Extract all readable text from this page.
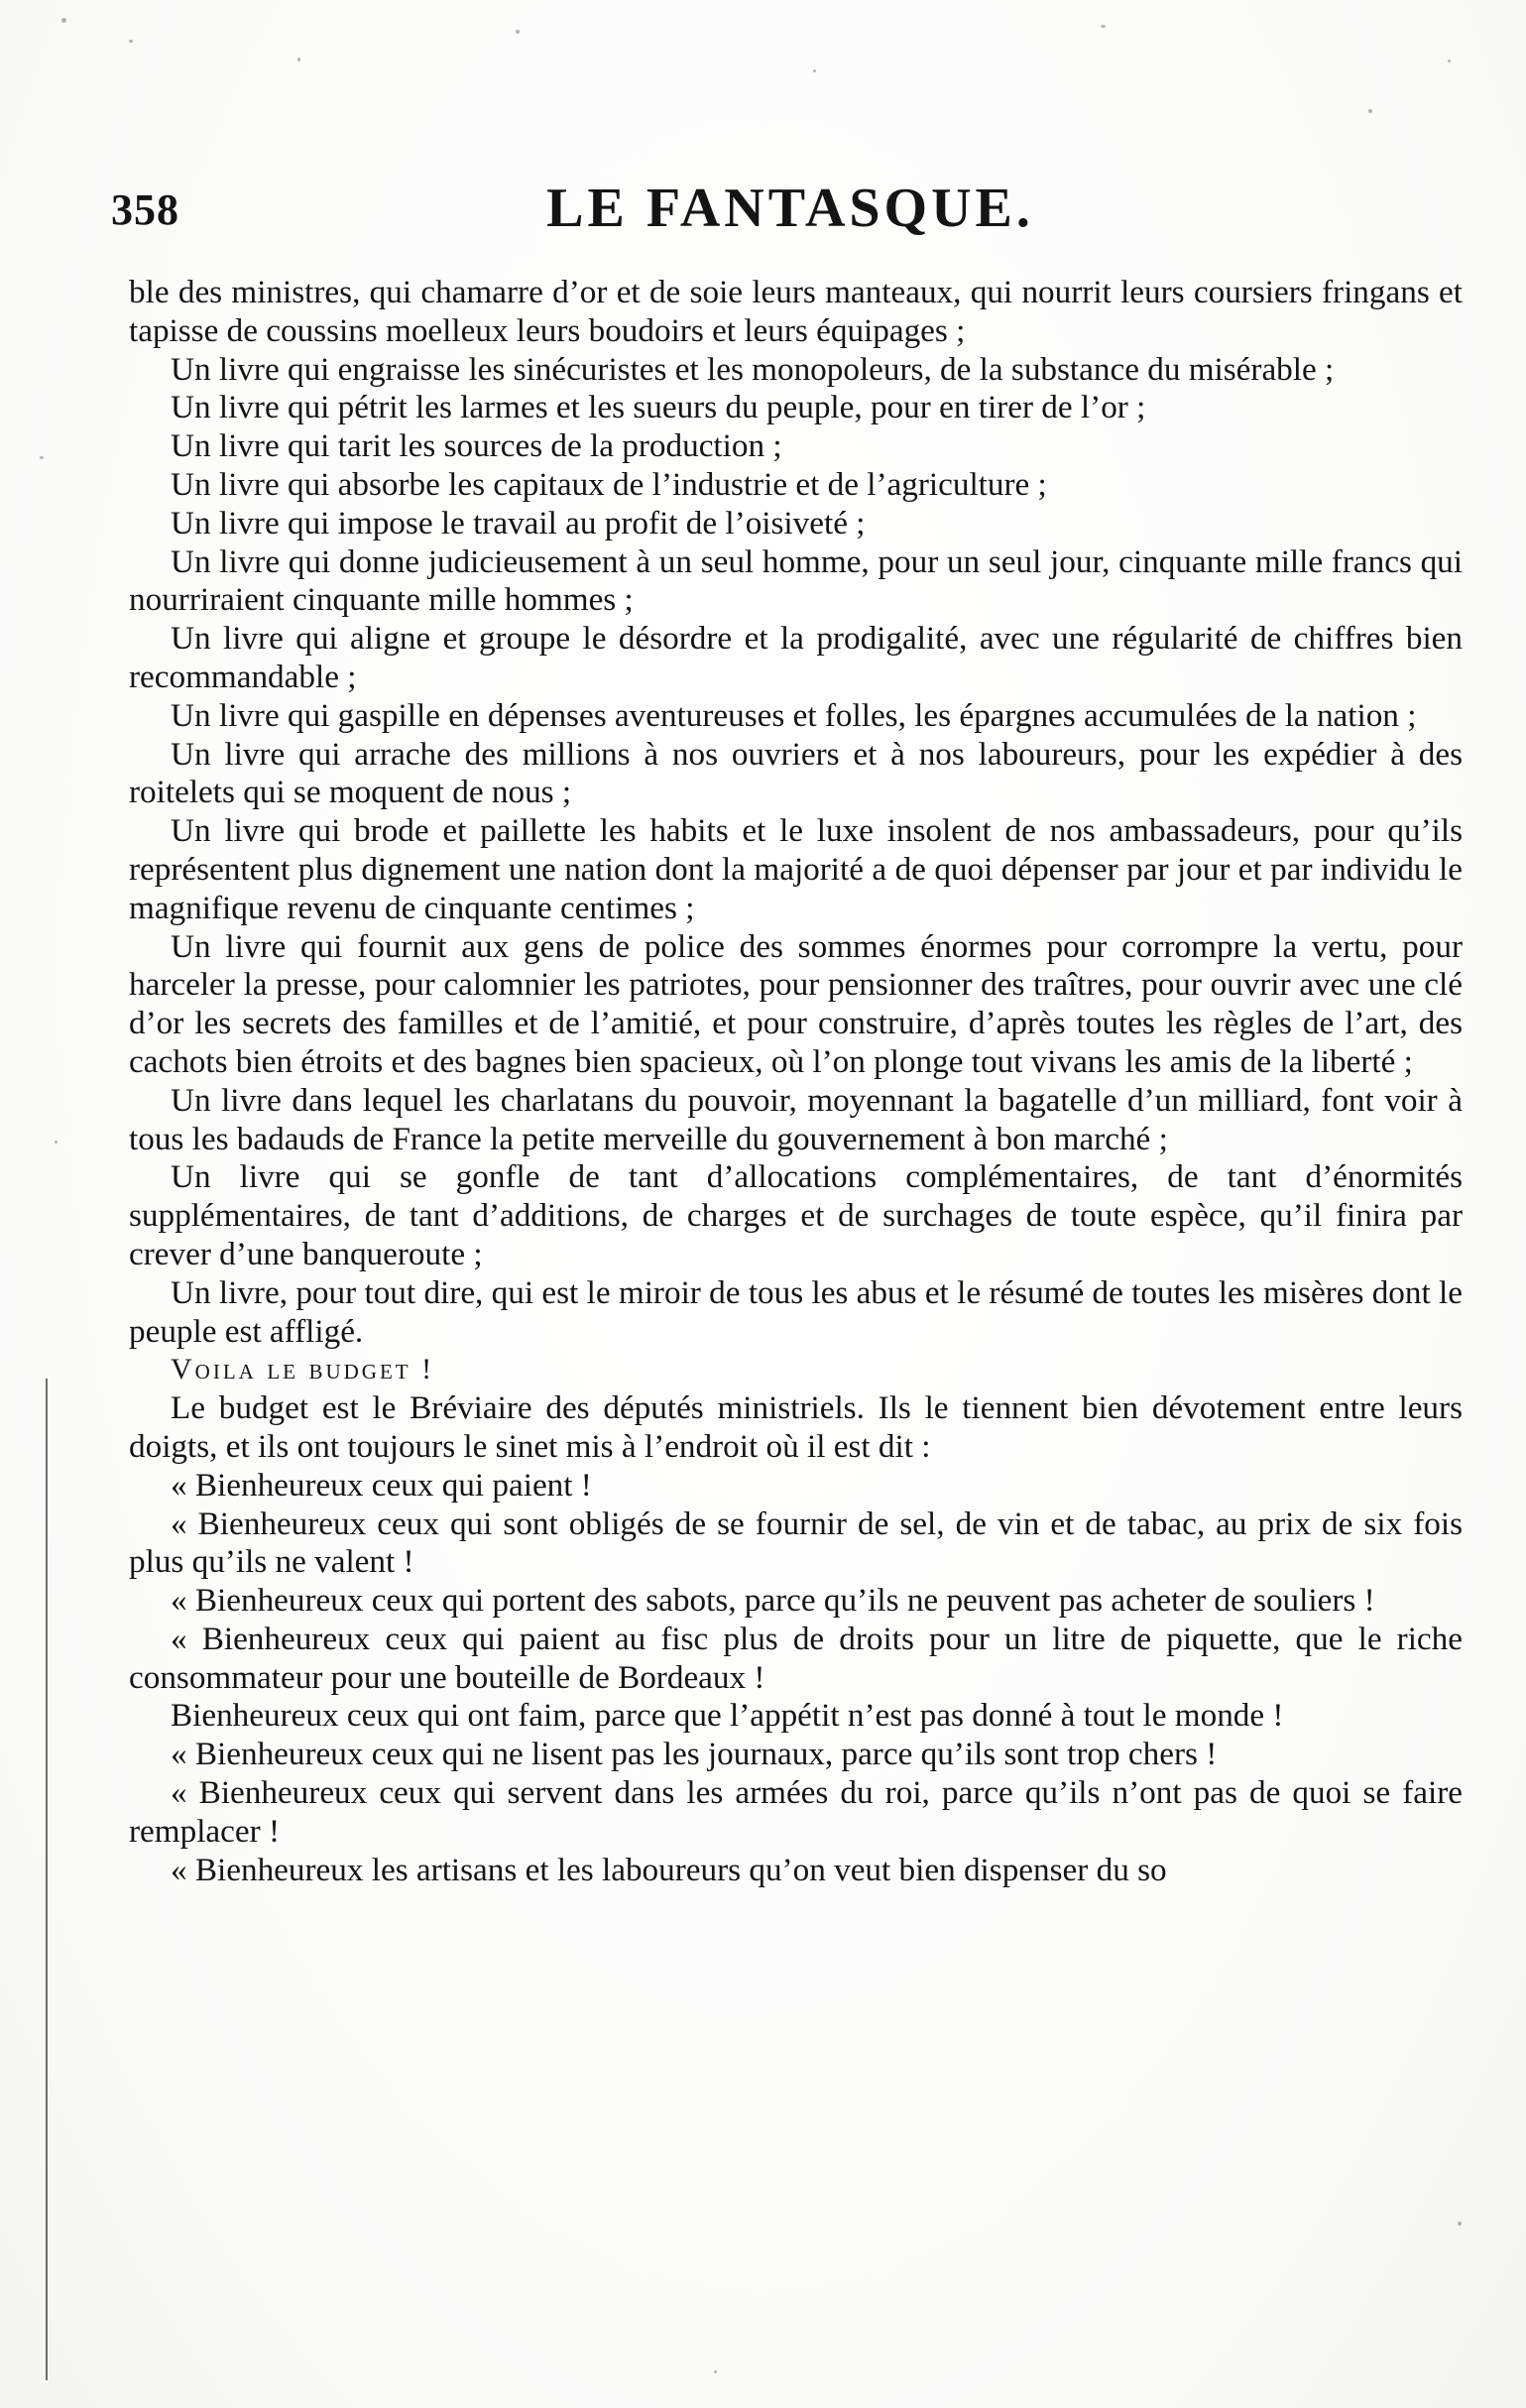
358	LE FANTASQUE.

ble des ministres, qui chamarre d’or et de soie leurs manteaux, qui nourrit leurs coursiers fringans et tapisse de coussins moelleux leurs boudoirs et leurs équipages ;

Un livre qui engraisse les sinécuristes et les monopoleurs, de la substance du misérable ;

Un livre qui pétrit les larmes et les sueurs du peuple, pour en tirer de l’or ;

Un livre qui tarit les sources de la production ;

Un livre qui absorbe les capitaux de l’industrie et de l’agriculture ;

Un livre qui impose le travail au profit de l’oisiveté ;

Un livre qui donne judicieusement à un seul homme, pour un seul jour, cinquante mille francs qui nourriraient cinquante mille hommes ;

Un livre qui aligne et groupe le désordre et la prodigalité, avec une régularité de chiffres bien recommandable ;

Un livre qui gaspille en dépenses aventureuses et folles, les épargnes accumulées de la nation ;

Un livre qui arrache des millions à nos ouvriers et à nos laboureurs, pour les expédier à des roitelets qui se moquent de nous ;

Un livre qui brode et paillette les habits et le luxe insolent de nos ambassadeurs, pour qu’ils représentent plus dignement une nation dont la majorité a de quoi dépenser par jour et par individu le magnifique revenu de cinquante centimes ;

Un livre qui fournit aux gens de police des sommes énormes pour corrompre la vertu, pour harceler la presse, pour calomnier les patriotes, pour pensionner des traîtres, pour ouvrir avec une clé d’or les secrets des familles et de l’amitié, et pour construire, d’après toutes les règles de l’art, des cachots bien étroits et des bagnes bien spacieux, où l’on plonge tout vivans les amis de la liberté ;

Un livre dans lequel les charlatans du pouvoir, moyennant la bagatelle d’un milliard, font voir à tous les badauds de France la petite merveille du gouvernement à bon marché ;

Un livre qui se gonfle de tant d’allocations complémentaires, de tant d’énormités supplémentaires, de tant d’additions, de charges et de surchages de toute espèce, qu’il finira par crever d’une banqueroute ;

Un livre, pour tout dire, qui est le miroir de tous les abus et le résumé de toutes les misères dont le peuple est affligé.

Voila le budget !

Le budget est le Bréviaire des députés ministriels. Ils le tiennent bien dévotement entre leurs doigts, et ils ont toujours le sinet mis à l’endroit où il est dit :

« Bienheureux ceux qui paient !

« Bienheureux ceux qui sont obligés de se fournir de sel, de vin et de tabac, au prix de six fois plus qu’ils ne valent !

« Bienheureux ceux qui portent des sabots, parce qu’ils ne peuvent pas acheter de souliers !

« Bienheureux ceux qui paient au fisc plus de droits pour un litre de piquette, que le riche consommateur pour une bouteille de Bordeaux !

Bienheureux ceux qui ont faim, parce que l’appétit n’est pas donné à tout le monde !

« Bienheureux ceux qui ne lisent pas les journaux, parce qu’ils sont trop chers !

« Bienheureux ceux qui servent dans les armées du roi, parce qu’ils n’ont pas de quoi se faire remplacer !

« Bienheureux les artisans et les laboureurs qu’on veut bien dispenser du so
